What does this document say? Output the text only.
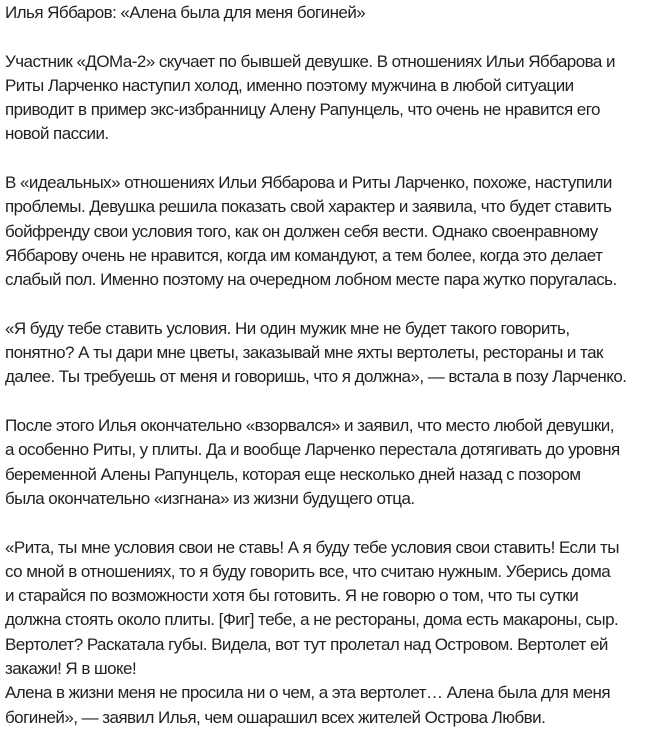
Илья Яббаров: «Алена была для меня богиней»
Участник «ДОМа-2» скучает по бывшей девушке. В отношениях Ильи Яббарова и
Риты Ларченко наступил холод, именно поэтому мужчина в любой ситуации
приводит в пример экс-избранницу Алену Рапунцель, что очень не нравится его
новой пассии.
В «идеальных» отношениях Ильи Яббарова и Риты Ларченко, похоже, наступили
проблемы. Девушка решила показать свой характер и заявила, что будет ставить
бойфренду свои условия того, как он должен себя вести. Однако своенравному
Яббарову очень не нравится, когда им командуют, а тем более, когда это делает
слабый пол. Именно поэтому на очередном лобном месте пара жутко поругалась.
«Я буду тебе ставить условия. Ни один мужик мне не будет такого говорить,
понятно? А ты дари мне цветы, заказывай мне яхты вертолеты, рестораны и так
далее. Ты требуешь от меня и говоришь, что я должна», — встала в позу Ларченко.
После этого Илья окончательно «взорвался» и заявил, что место любой девушки,
а особенно Риты, у плиты. Да и вообще Ларченко перестала дотягивать до уровня
беременной Алены Рапунцель, которая еще несколько дней назад с позором
была окончательно «изгнана» из жизни будущего отца.
«Рита, ты мне условия свои не ставь! А я буду тебе условия свои ставить! Если ты
со мной в отношениях, то я буду говорить все, что считаю нужным. Уберись дома
и старайся по возможности хотя бы готовить. Я не говорю о том, что ты сутки
должна стоять около плиты. [Фиг] тебе, а не рестораны, дома есть макароны, сыр.
Вертолет? Раскатала губы. Видела, вот тут пролетал над Островом. Вертолет ей
закажи! Я в шоке!
Алена в жизни меня не просила ни о чем, а эта вертолет… Алена была для меня
богиней», — заявил Илья, чем ошарашил всех жителей Острова Любви.
